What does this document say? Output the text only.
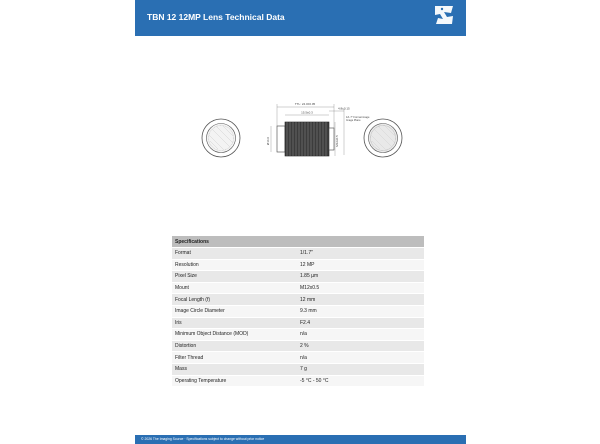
TBN 12 12MP Lens Technical Data
TTL: 24.0±0.05
15.5±0.3
4.8±0.15
1/1.7" Format image
Image Plane
Ø14.0	M12x0.5
Specifications	
Format	1/1.7"
Resolution	12 MP
Pixel Size	1.85 µm
Mount	M12x0.5
Focal Length (f)	12 mm
Image Circle Diameter	9.3 mm
Iris	F2.4
Minimum Object Distance (MOD)	n/a
Distortion	2 %
Filter Thread	n/a
Mass	7 g
Operating Temperature	-5 °C - 50 °C
© 2026 The Imaging Source · Specifications subject to change without prior notice
